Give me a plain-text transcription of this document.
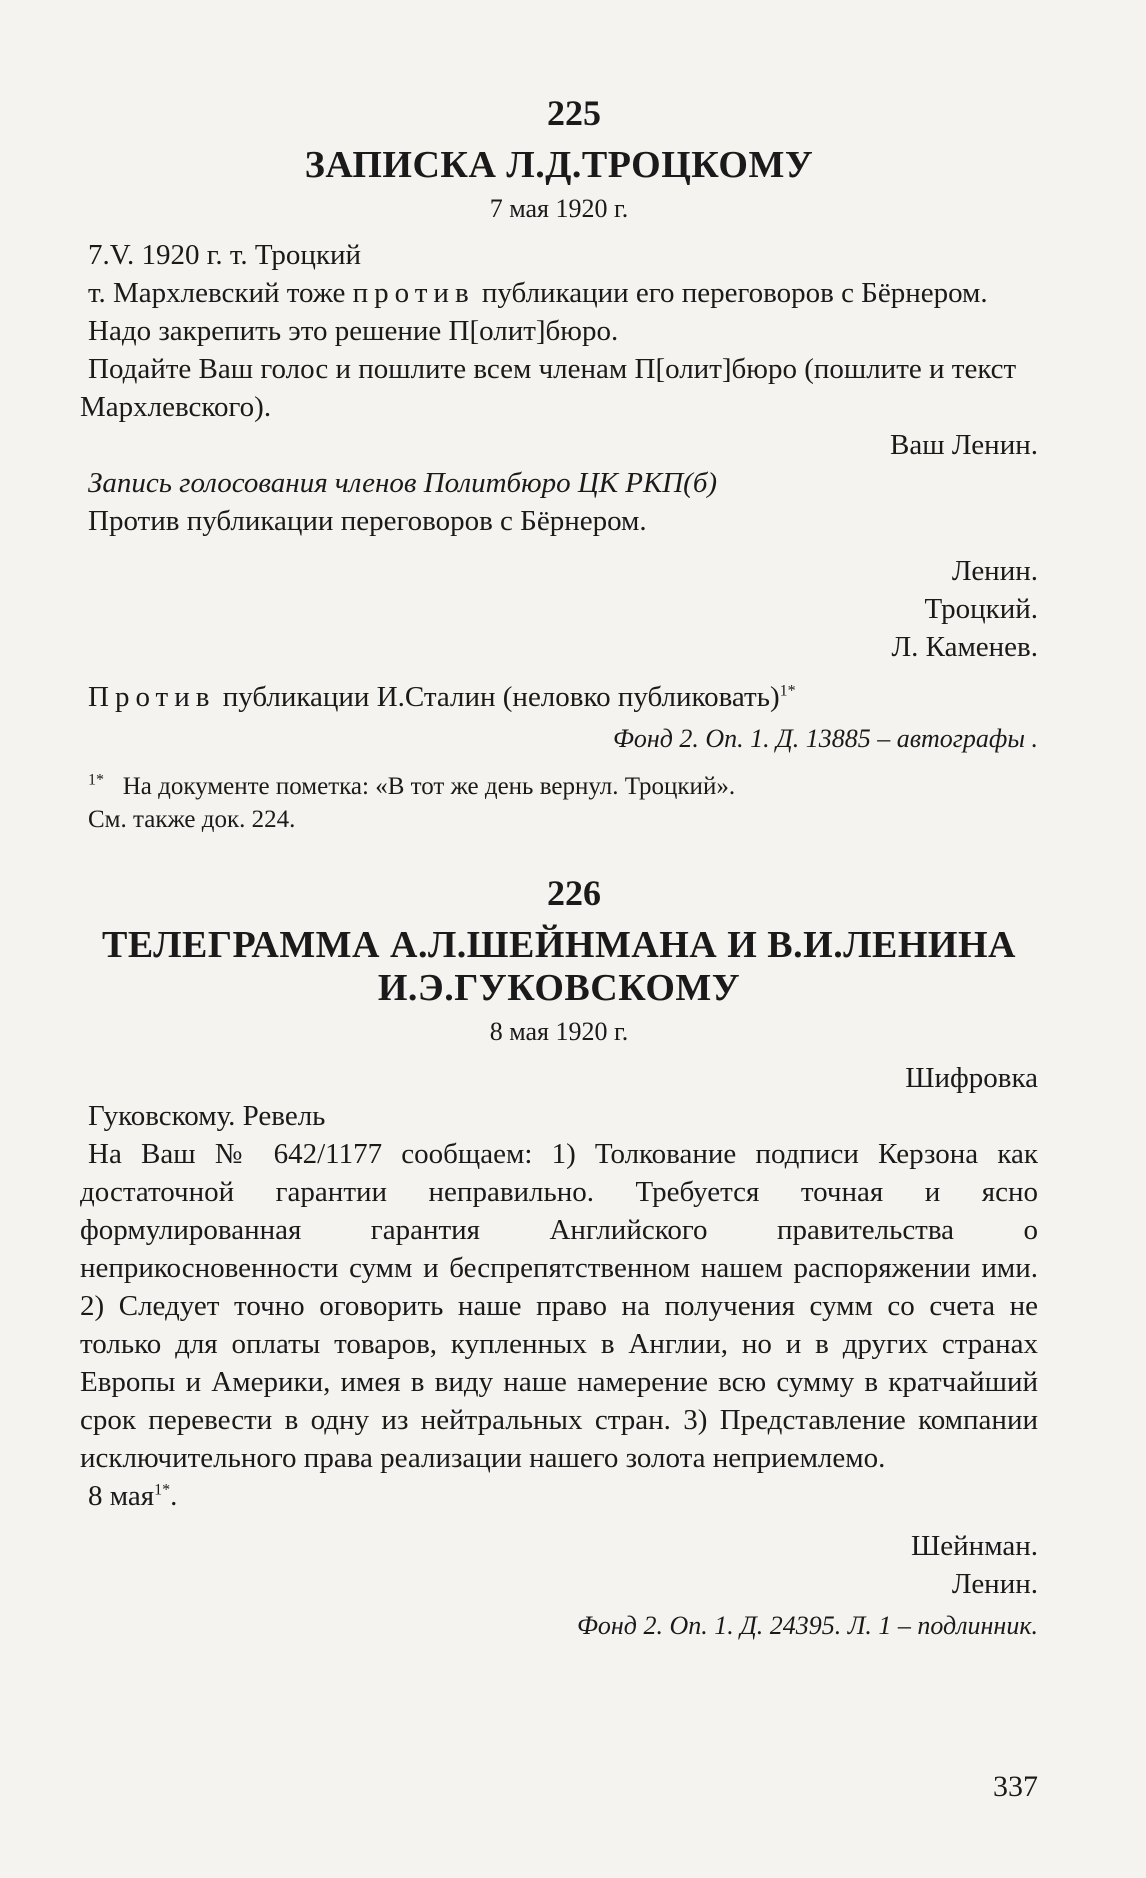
225
ЗАПИСКА Л.Д.ТРОЦКОМУ
7 мая 1920 г.

7.V. 1920 г. т. Троцкий

т. Мархлевский тоже против публикации его переговоров с Бёрнером.

Надо закрепить это решение П[олит]бюро.

Подайте Ваш голос и пошлите всем членам П[олит]бюро (пошлите и текст Мархлевского).

Ваш Ленин.

Запись голосования членов Политбюро ЦК РКП(б)

Против публикации переговоров с Бёрнером.

Ленин.

Троцкий.

Л. Каменев.

Против публикации И.Сталин (неловко публиковать)$^{1*}$

Фонд 2. Оп. 1. Д. 13885 – автографы .

$^{1*}$ На документе пометка: «В тот же день вернул. Троцкий».

См. также док. 224.

226
ТЕЛЕГРАММА А.Л.ШЕЙНМАНА И В.И.ЛЕНИНА
И.Э.ГУКОВСКОМУ
8 мая 1920 г.

Шифровка

Гуковскому. Ревель

На Ваш № 642/1177 сообщаем: 1) Толкование подписи Керзона как достаточной гарантии неправильно. Требуется точная и ясно формулированная гарантия Английского правительства о неприкосновенности сумм и беспрепятственном нашем распоряжении ими. 2) Следует точно оговорить наше право на получения сумм со счета не только для оплаты товаров, купленных в Англии, но и в других странах Европы и Америки, имея в виду наше намерение всю сумму в кратчайший срок перевести в одну из нейтральных стран. 3) Представление компании исключительного права реализации нашего золота неприемлемо.

8 мая$^{1*}$.

Шейнман.

Ленин.

Фонд 2. Оп. 1. Д. 24395. Л. 1 – подлинник.

337
